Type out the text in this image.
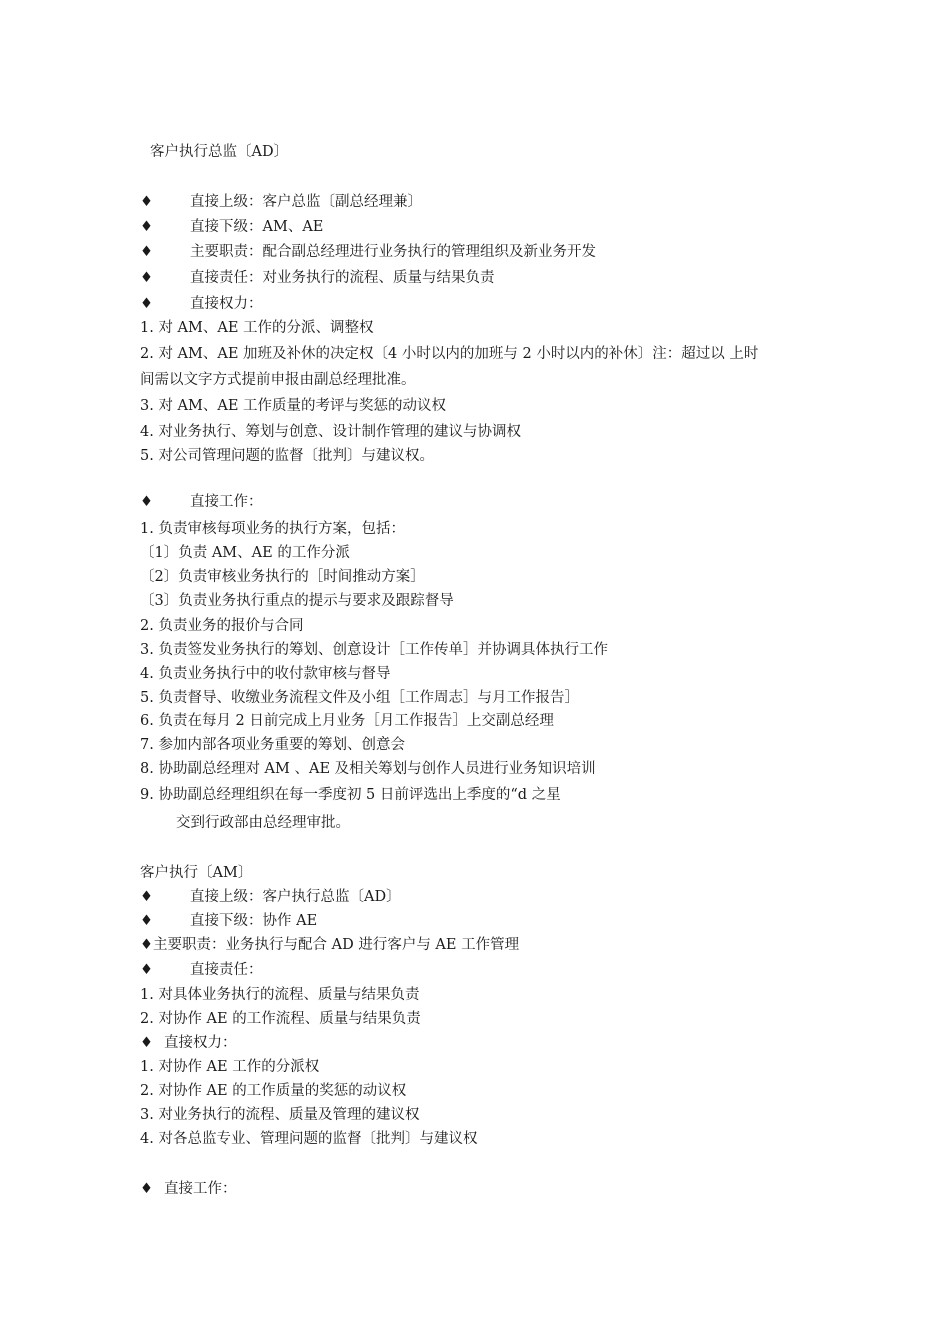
客户执行总监〔AD〕
♦	直接上级：客户总监〔副总经理兼〕
♦	直接下级：AM、AE
♦	主要职责：配合副总经理进行业务执行的管理组织及新业务开发
♦	直接责任：对业务执行的流程、质量与结果负责
♦	直接权力：
1. 对 AM、AE 工作的分派、调整权
2. 对 AM、AE 加班及补休的决定权〔4 小时以内的加班与 2 小时以内的补休〕注：超过以 上时
间需以文字方式提前申报由副总经理批准。
3. 对 AM、AE 工作质量的考评与奖惩的动议权
4. 对业务执行、筹划与创意、设计制作管理的建议与协调权
5. 对公司管理问题的监督〔批判〕与建议权。
♦	直接工作：
1. 负责审核每项业务的执行方案，包括：
〔1〕负责 AM、AE 的工作分派
〔2〕负责审核业务执行的［时间推动方案］
〔3〕负责业务执行重点的提示与要求及跟踪督导
2. 负责业务的报价与合同
3. 负责签发业务执行的筹划、创意设计［工作传单］并协调具体执行工作
4. 负责业务执行中的收付款审核与督导
5. 负责督导、收缴业务流程文件及小组［工作周志］与月工作报告］
6. 负责在每月 2 日前完成上月业务［月工作报告］上交副总经理
7. 参加内部各项业务重要的筹划、创意会
8. 协助副总经理对 AM 、AE 及相关筹划与创作人员进行业务知识培训
9. 协助副总经理组织在每一季度初 5 日前评选出上季度的“d 之星
交到行政部由总经理审批。
客户执行〔AM〕
♦	直接上级：客户执行总监〔AD〕
♦	直接下级：协作 AE
♦主要职责：业务执行与配合 AD 进行客户与 AE 工作管理
♦	直接责任：
1. 对具体业务执行的流程、质量与结果负责
2. 对协作 AE 的工作流程、质量与结果负责
♦ 直接权力：
1. 对协作 AE 工作的分派权
2. 对协作 AE 的工作质量的奖惩的动议权
3. 对业务执行的流程、质量及管理的建议权
4. 对各总监专业、管理问题的监督〔批判〕与建议权
♦ 直接工作：
